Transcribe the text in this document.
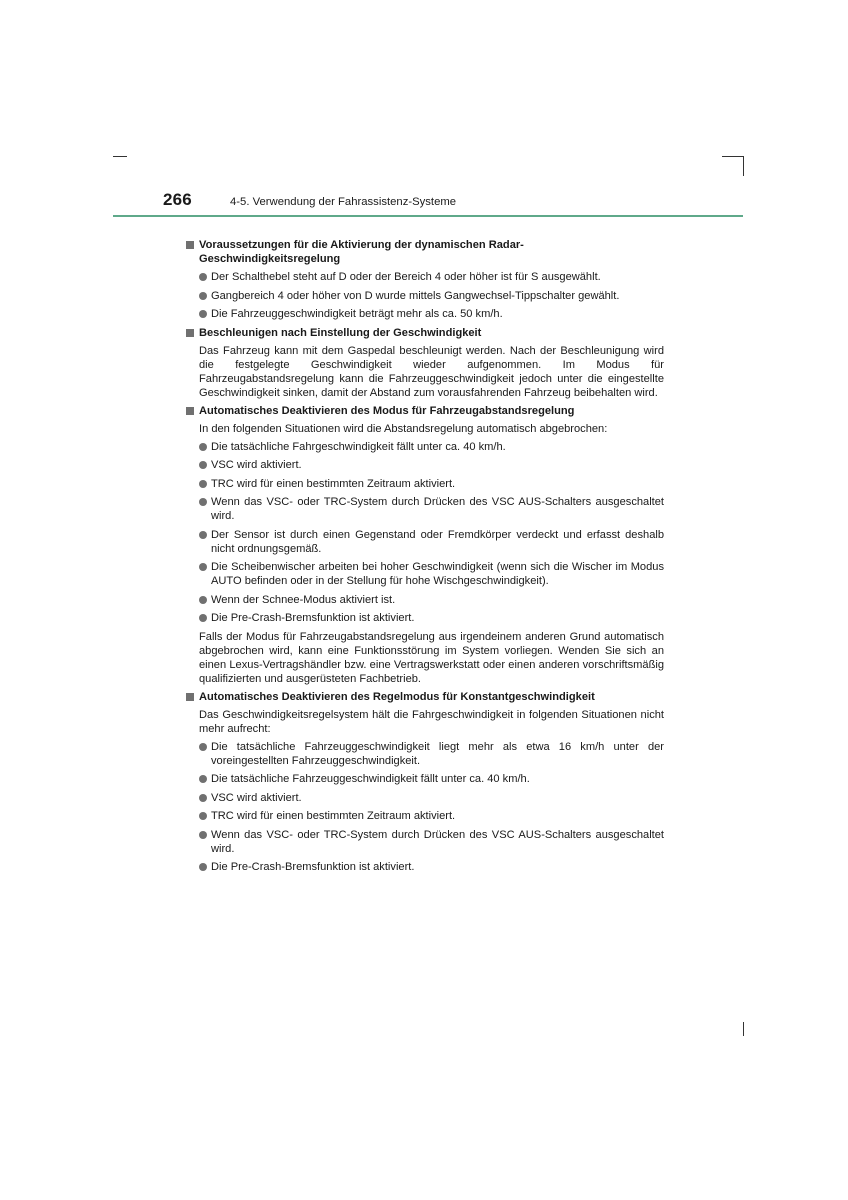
266	4-5. Verwendung der Fahrassistenz-Systeme
Voraussetzungen für die Aktivierung der dynamischen Radar-Geschwindigkeitsregelung
Der Schalthebel steht auf D oder der Bereich 4 oder höher ist für S ausgewählt.
Gangbereich 4 oder höher von D wurde mittels Gangwechsel-Tippschalter gewählt.
Die Fahrzeuggeschwindigkeit beträgt mehr als ca. 50 km/h.
Beschleunigen nach Einstellung der Geschwindigkeit
Das Fahrzeug kann mit dem Gaspedal beschleunigt werden. Nach der Beschleunigung wird die festgelegte Geschwindigkeit wieder aufgenommen. Im Modus für Fahrzeugabstandsregelung kann die Fahrzeuggeschwindigkeit jedoch unter die eingestellte Geschwindigkeit sinken, damit der Abstand zum vorausfahrenden Fahrzeug beibehalten wird.
Automatisches Deaktivieren des Modus für Fahrzeugabstandsregelung
In den folgenden Situationen wird die Abstandsregelung automatisch abgebrochen:
Die tatsächliche Fahrgeschwindigkeit fällt unter ca. 40 km/h.
VSC wird aktiviert.
TRC wird für einen bestimmten Zeitraum aktiviert.
Wenn das VSC- oder TRC-System durch Drücken des VSC AUS-Schalters ausgeschaltet wird.
Der Sensor ist durch einen Gegenstand oder Fremdkörper verdeckt und erfasst deshalb nicht ordnungsgemäß.
Die Scheibenwischer arbeiten bei hoher Geschwindigkeit (wenn sich die Wischer im Modus AUTO befinden oder in der Stellung für hohe Wischgeschwindigkeit).
Wenn der Schnee-Modus aktiviert ist.
Die Pre-Crash-Bremsfunktion ist aktiviert.
Falls der Modus für Fahrzeugabstandsregelung aus irgendeinem anderen Grund automatisch abgebrochen wird, kann eine Funktionsstörung im System vorliegen. Wenden Sie sich an einen Lexus-Vertragshändler bzw. eine Vertragswerkstatt oder einen anderen vorschriftsmäßig qualifizierten und ausgerüsteten Fachbetrieb.
Automatisches Deaktivieren des Regelmodus für Konstantgeschwindigkeit
Das Geschwindigkeitsregelsystem hält die Fahrgeschwindigkeit in folgenden Situationen nicht mehr aufrecht:
Die tatsächliche Fahrzeuggeschwindigkeit liegt mehr als etwa 16 km/h unter der voreingestellten Fahrzeuggeschwindigkeit.
Die tatsächliche Fahrzeuggeschwindigkeit fällt unter ca. 40 km/h.
VSC wird aktiviert.
TRC wird für einen bestimmten Zeitraum aktiviert.
Wenn das VSC- oder TRC-System durch Drücken des VSC AUS-Schalters ausgeschaltet wird.
Die Pre-Crash-Bremsfunktion ist aktiviert.
